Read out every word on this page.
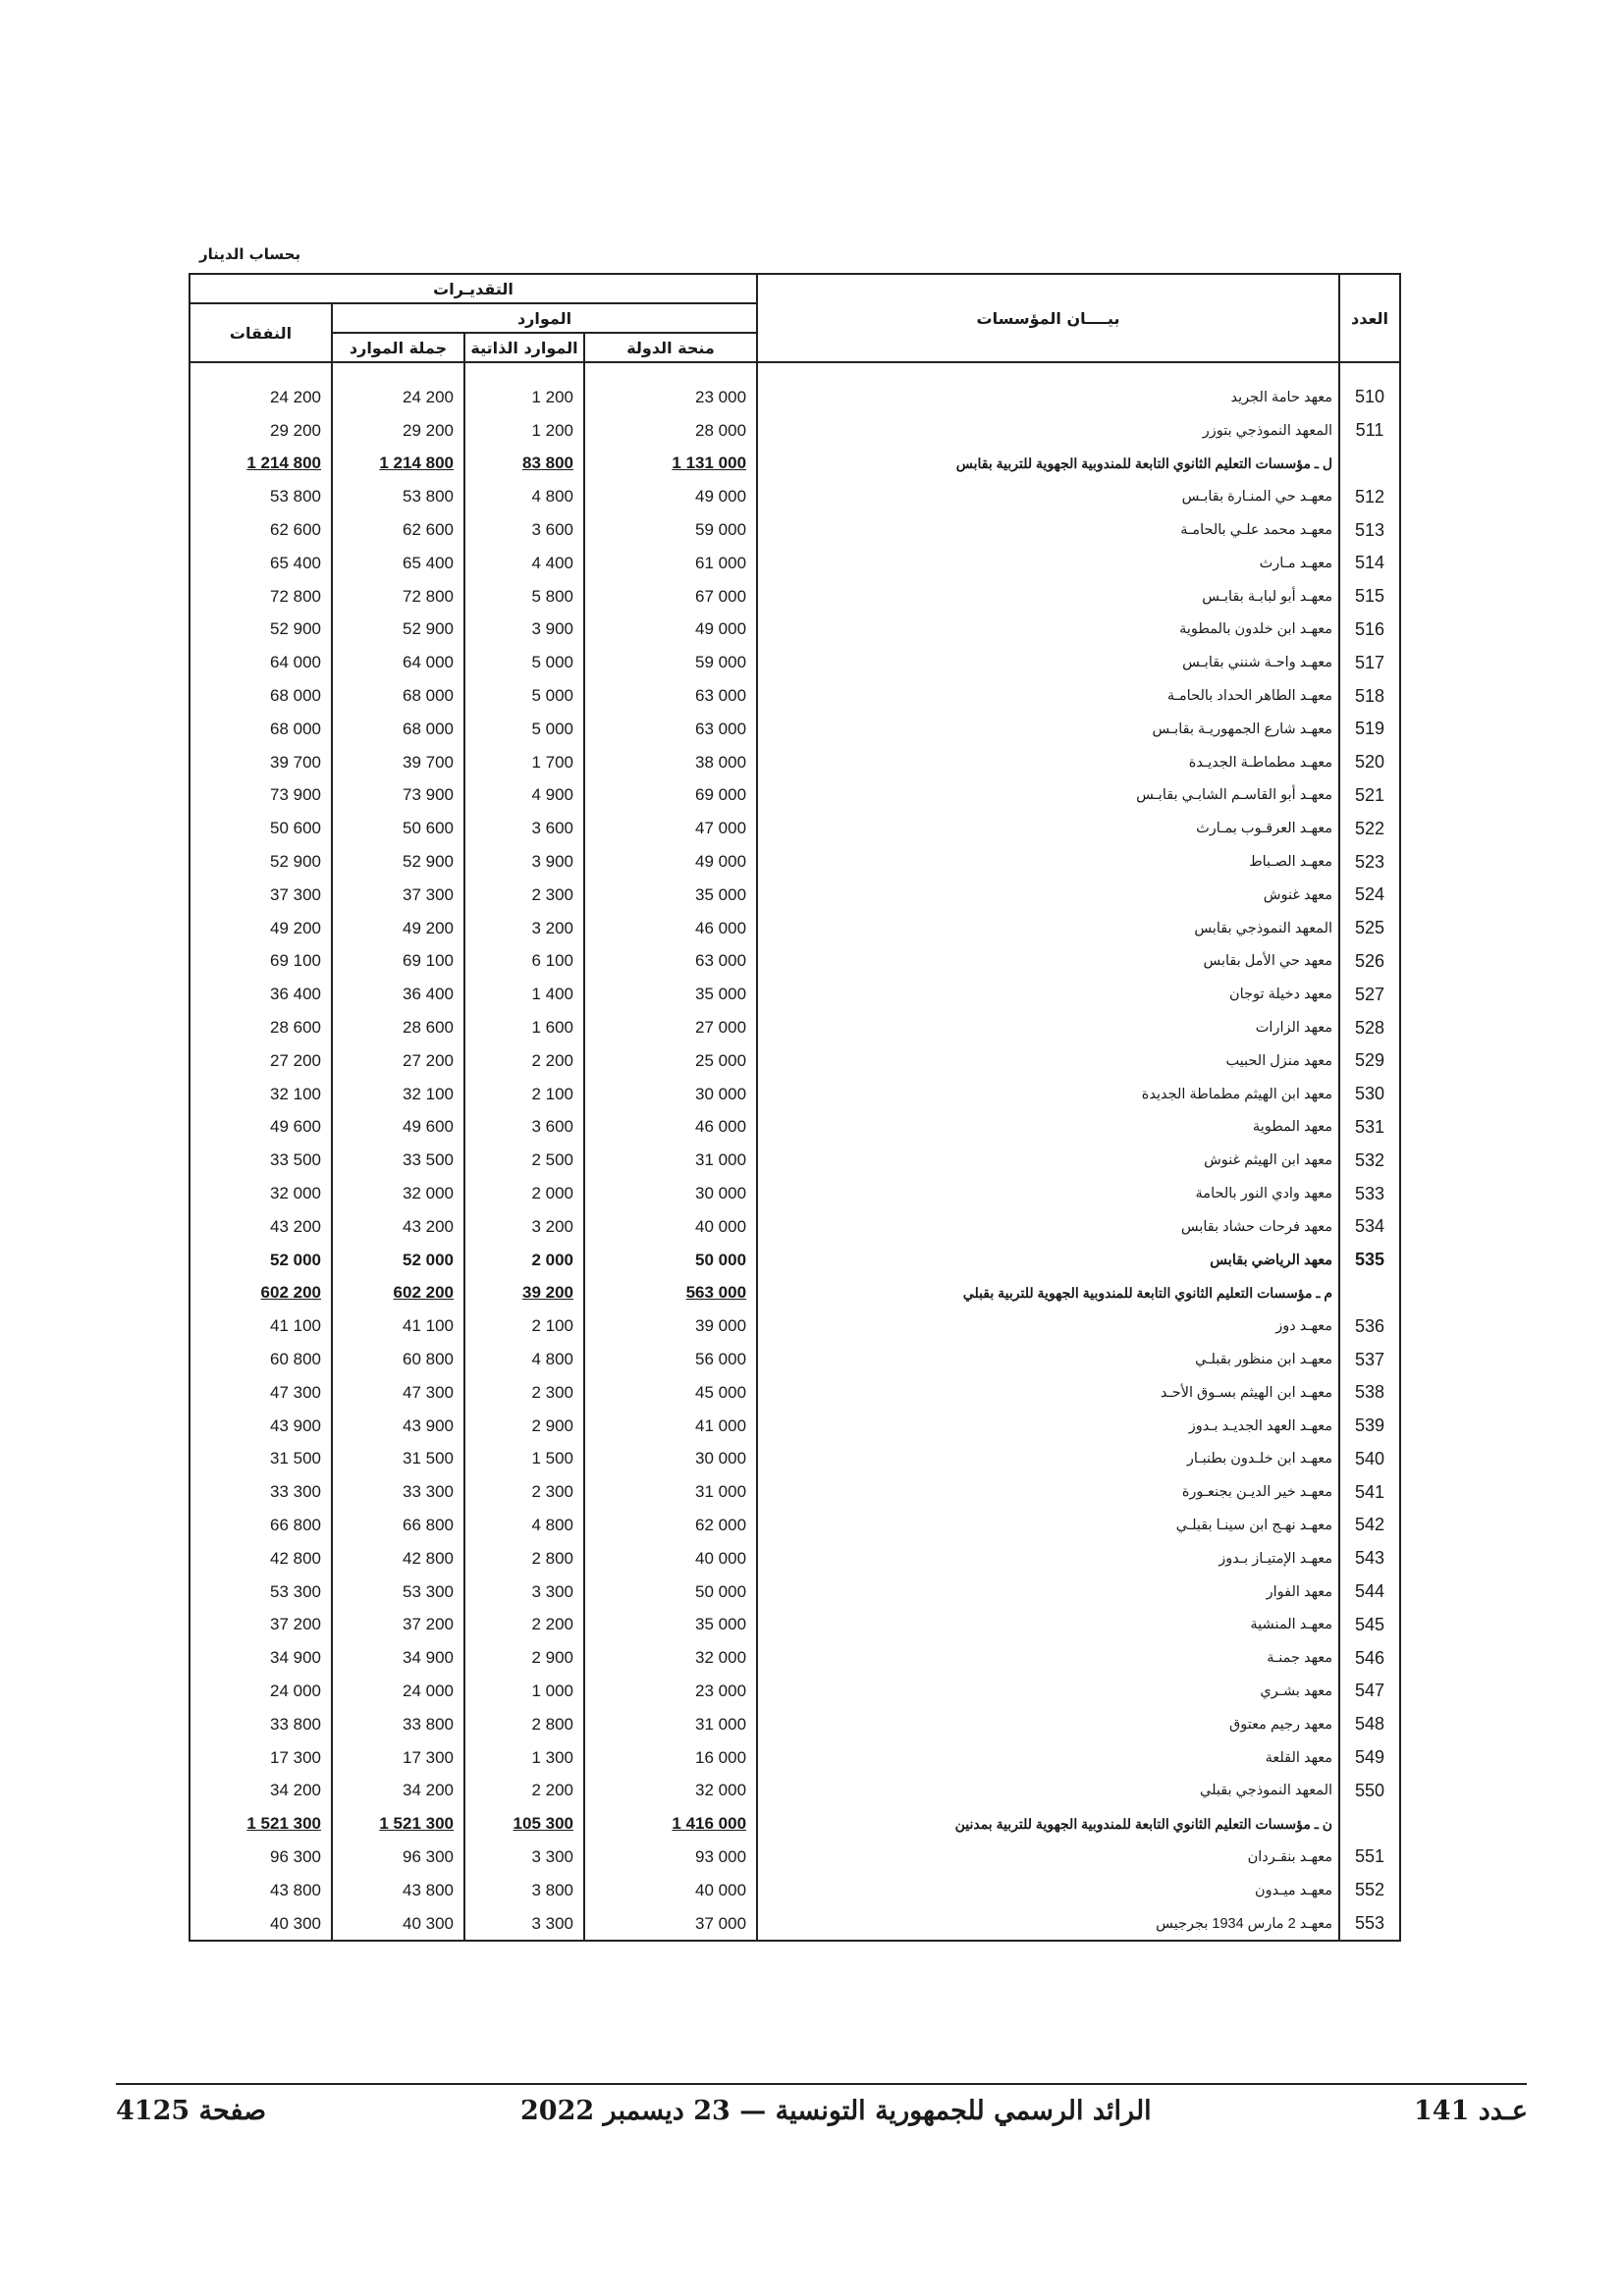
بحساب الدينار
التقديـرات				بيــــان المؤسسات	العدد
النفقات	الموارد				
	جملة الموارد	الموارد الذاتية	منحة الدولة		

24 200	24 200	1 200	23 000	معهد حامة الجريد	510
29 200	29 200	1 200	28 000	المعهد النموذجي بتوزر	511
1 214 800	1 214 800	83 800	1 131 000	ل ـ مؤسسات التعليم الثانوي التابعة للمندوبية الجهوية للتربية بقابس	
53 800	53 800	4 800	49 000	معهـد حي المنـارة بقابـس	512
62 600	62 600	3 600	59 000	معهـد محمد علـي بالحامـة	513
65 400	65 400	4 400	61 000	معهـد مـارث	514
72 800	72 800	5 800	67 000	معهـد أبو لبابـة بقابـس	515
52 900	52 900	3 900	49 000	معهـد ابن خلدون بالمطوية	516
64 000	64 000	5 000	59 000	معهـد واحـة شنني بقابـس	517
68 000	68 000	5 000	63 000	معهـد الطاهر الحداد بالحامـة	518
68 000	68 000	5 000	63 000	معهـد شارع الجمهوريـة بقابـس	519
39 700	39 700	1 700	38 000	معهـد مطماطـة الجديـدة	520
73 900	73 900	4 900	69 000	معهـد أبو القاسـم الشابـي بقابـس	521
50 600	50 600	3 600	47 000	معهـد العرقـوب بمـارث	522
52 900	52 900	3 900	49 000	معهـد الصـباط	523
37 300	37 300	2 300	35 000	معهد غنوش	524
49 200	49 200	3 200	46 000	المعهد النموذجي بقابس	525
69 100	69 100	6 100	63 000	معهد حي الأمل بقابس	526
36 400	36 400	1 400	35 000	معهد دخيلة توجان	527
28 600	28 600	1 600	27 000	معهد الزارات	528
27 200	27 200	2 200	25 000	معهد منزل الحبيب	529
32 100	32 100	2 100	30 000	معهد ابن الهيثم مطماطة الجديدة	530
49 600	49 600	3 600	46 000	معهد المطوية	531
33 500	33 500	2 500	31 000	معهد ابن الهيثم غنوش	532
32 000	32 000	2 000	30 000	معهد وادي النور بالحامة	533
43 200	43 200	3 200	40 000	معهد فرحات حشاد بقابس	534
52 000	52 000	2 000	50 000	معهد الرياضي بقابس	535
602 200	602 200	39 200	563 000	م ـ مؤسسات التعليم الثانوي التابعة للمندوبية الجهوية للتربية بقبلي	
41 100	41 100	2 100	39 000	معهـد دوز	536
60 800	60 800	4 800	56 000	معهـد ابن منظور بقبلـي	537
47 300	47 300	2 300	45 000	معهـد ابن الهيثم بسـوق الأحـد	538
43 900	43 900	2 900	41 000	معهـد العهد الجديـد بـدوز	539
31 500	31 500	1 500	30 000	معهـد ابن خلـدون بطنبـار	540
33 300	33 300	2 300	31 000	معهـد خير الديـن بجنعـورة	541
66 800	66 800	4 800	62 000	معهـد نهـج ابن سينـا بقبلـي	542
42 800	42 800	2 800	40 000	معهـد الإمتيـاز بـدوز	543
53 300	53 300	3 300	50 000	معهد الفوار	544
37 200	37 200	2 200	35 000	معهـد المنشية	545
34 900	34 900	2 900	32 000	معهد جمنـة	546
24 000	24 000	1 000	23 000	معهد بشـري	547
33 800	33 800	2 800	31 000	معهد رجيم معتوق	548
17 300	17 300	1 300	16 000	معهد القلعة	549
34 200	34 200	2 200	32 000	المعهد النموذجي بقبلي	550
1 521 300	1 521 300	105 300	1 416 000	ن ـ مؤسسات التعليم الثانوي التابعة للمندوبية الجهوية للتربية بمدنين	
96 300	96 300	3 300	93 000	معهـد بنقـردان	551
43 800	43 800	3 800	40 000	معهـد ميـدون	552
40 300	40 300	3 300	37 000	معهـد 2 مارس 1934 بجرجيس	553
صفحة 4125	الرائد الرسمي للجمهورية التونسية — 23 ديسمبر 2022	عـدد 141
